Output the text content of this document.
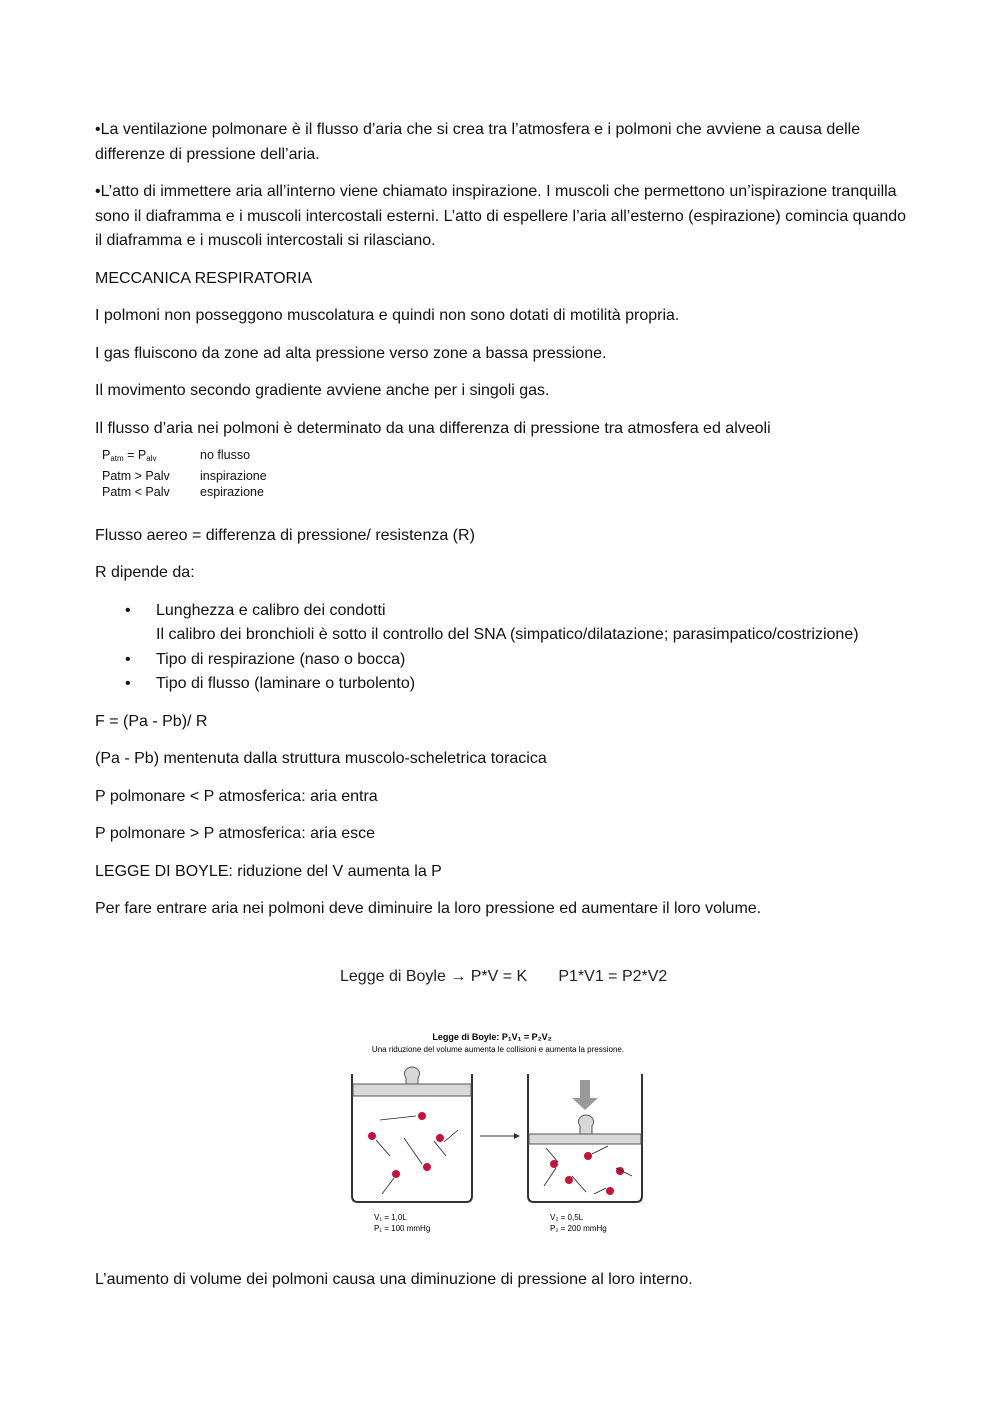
•La ventilazione polmonare è il flusso d’aria che si crea tra l’atmosfera e i polmoni che avviene a causa delle differenze di pressione dell’aria.

•L’atto di immettere aria all’interno viene chiamato inspirazione. I muscoli che permettono un’ispirazione tranquilla sono il diaframma e i muscoli intercostali esterni. L’atto di espellere l’aria all’esterno (espirazione) comincia quando il diaframma e i muscoli intercostali si rilasciano.

MECCANICA RESPIRATORIA

I polmoni non posseggono muscolatura e quindi non sono dotati di motilità propria.

I gas fluiscono da zone ad alta pressione verso zone a bassa pressione.

Il movimento secondo gradiente avviene anche per i singoli gas.

Il flusso d’aria nei polmoni è determinato da una differenza di pressione tra atmosfera ed alveoli

$P_{atm} = P_{alv}$	no flusso
Patm > Palv	inspirazione
Patm < Palv	espirazione

Flusso aereo = differenza di pressione/ resistenza (R)

R dipende da:

• Lunghezza e calibro dei condotti
Il calibro dei bronchioli è sotto il controllo del SNA (simpatico/dilatazione; parasimpatico/costrizione)
• Tipo di respirazione (naso o bocca)
• Tipo di flusso (laminare o turbolento)

F = (Pa - Pb)/ R

(Pa - Pb) mentenuta dalla struttura muscolo-scheletrica toracica

P polmonare < P atmosferica: aria entra

P polmonare > P atmosferica: aria esce

LEGGE DI BOYLE: riduzione del V aumenta la P

Per fare entrare aria nei polmoni deve diminuire la loro pressione ed aumentare il loro volume.

Legge di Boyle → P*V = K       P1*V1 = P2*V2
Legge di Boyle: P₁V₁ = P₂V₂
Una riduzione del volume aumenta le collisioni e aumenta la pressione.
V₁ = 1,0L
P₁ = 100 mmHg
V₂ = 0,5L
P₂ = 200 mmHg

L’aumento di volume dei polmoni causa una diminuzione di pressione al loro interno.
